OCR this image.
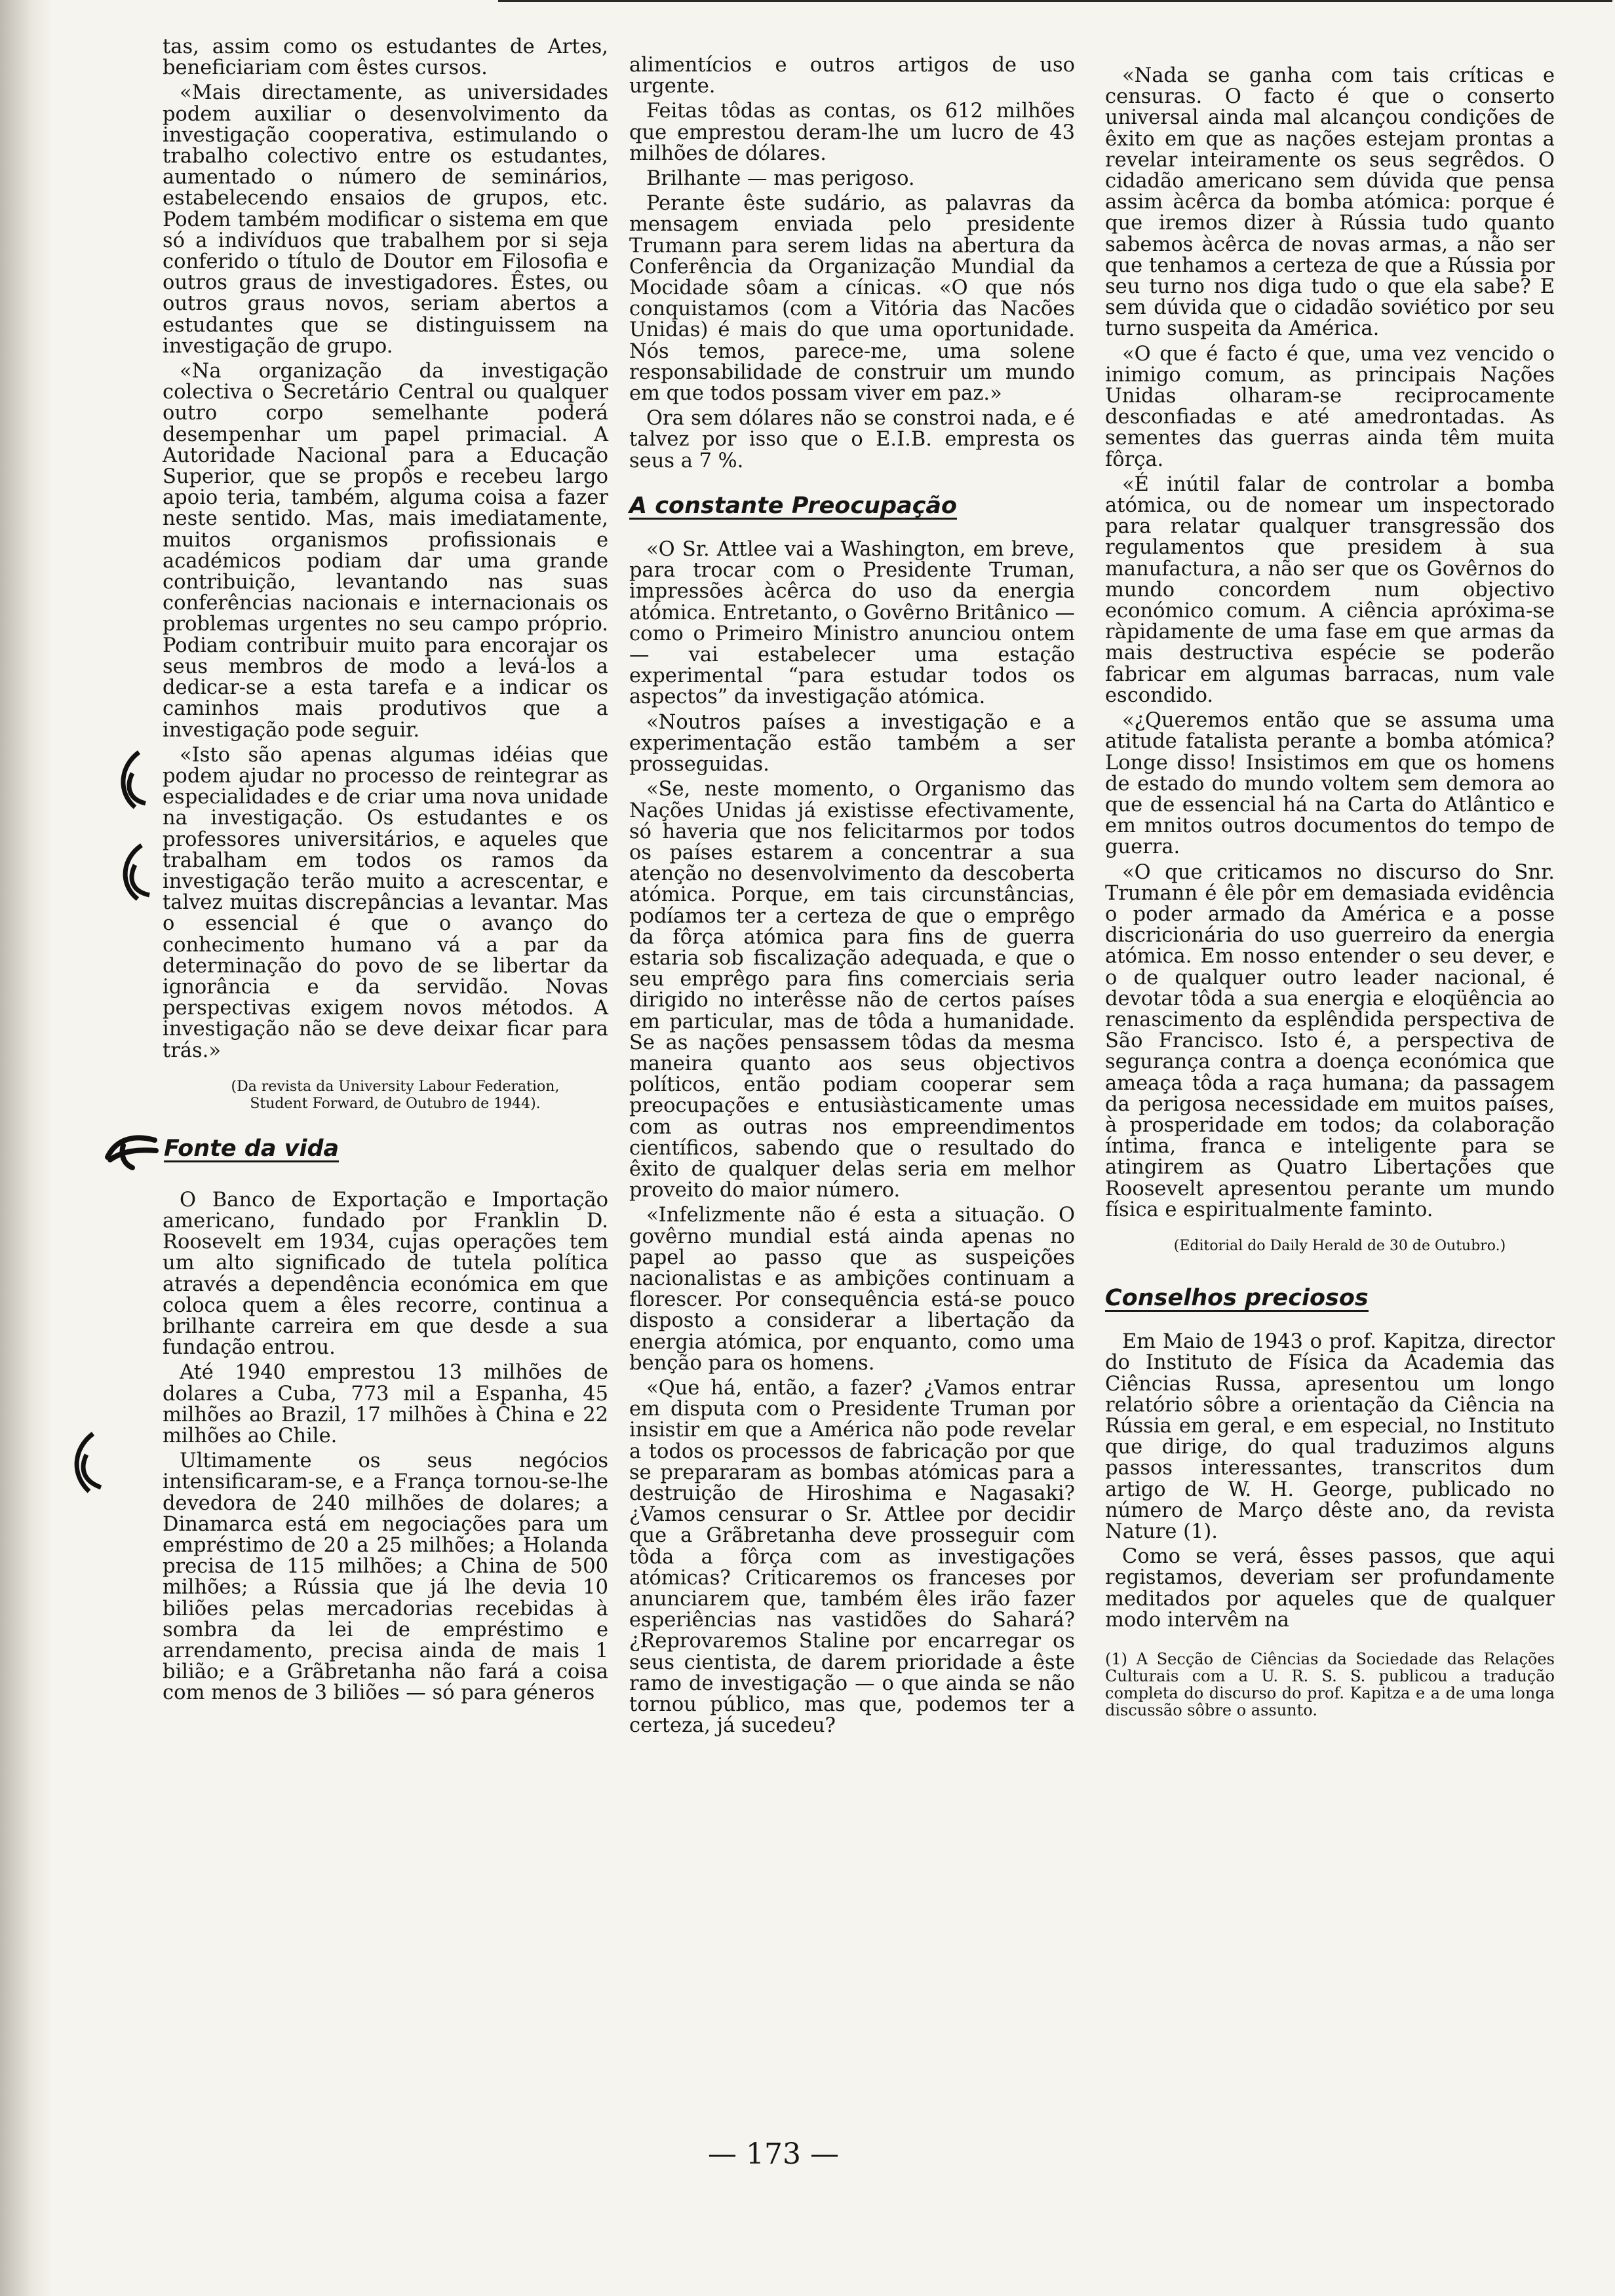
tas, assim como os estudantes de Artes, beneficiariam com êstes cursos.

«Mais directamente, as universidades podem auxiliar o desenvolvimento da investigação cooperativa, estimulando o trabalho colectivo entre os estudantes, aumentado o número de seminários, estabelecendo ensaios de grupos, etc. Podem também modificar o sistema em que só a indivíduos que trabalhem por si seja conferido o título de Doutor em Filosofia e outros graus de investigadores. Êstes, ou outros graus novos, seriam abertos a estudantes que se distinguissem na investigação de grupo.

«Na organização da investigação colectiva o Secretário Central ou qualquer outro corpo semelhante poderá desempenhar um papel primacial. A Autoridade Nacional para a Educação Superior, que se propôs e recebeu largo apoio teria, também, alguma coisa a fazer neste sentido. Mas, mais imediatamente, muitos organismos profissionais e académicos podiam dar uma grande contribuição, levantando nas suas conferências nacionais e internacionais os problemas urgentes no seu campo próprio. Podiam contribuir muito para encorajar os seus membros de modo a levá-los a dedicar-se a esta tarefa e a indicar os caminhos mais produtivos que a investigação pode seguir.

«Isto são apenas algumas idéias que podem ajudar no processo de reintegrar as especialidades e de criar uma nova unidade na investigação. Os estudantes e os professores universitários, e aqueles que trabalham em todos os ramos da investigação terão muito a acrescentar, e talvez muitas discrepâncias a levantar. Mas o essencial é que o avanço do conhecimento humano vá a par da determinação do povo de se libertar da ignorância e da servidão. Novas perspectivas exigem novos métodos. A investigação não se deve deixar ficar para trás.»

(Da revista da University Labour Federation, Student Forward, de Outubro de 1944).
Fonte da vida

O Banco de Exportação e Importação americano, fundado por Franklin D. Roosevelt em 1934, cujas operações tem um alto significado de tutela política através a dependência económica em que coloca quem a êles recorre, continua a brilhante carreira em que desde a sua fundação entrou.

Até 1940 emprestou 13 milhões de dolares a Cuba, 773 mil a Espanha, 45 milhões ao Brazil, 17 milhões à China e 22 milhões ao Chile.

Ultimamente os seus negócios intensificaram-se, e a França tornou-se-lhe devedora de 240 milhões de dolares; a Dinamarca está em negociações para um empréstimo de 20 a 25 milhões; a Holanda precisa de 115 milhões; a China de 500 milhões; a Rússia que já lhe devia 10 biliões pelas mercadorias recebidas à sombra da lei de empréstimo e arrendamento, precisa ainda de mais 1 bilião; e a Grãbretanha não fará a coisa com menos de 3 biliões — só para géneros

alimentícios e outros artigos de uso urgente.

Feitas tôdas as contas, os 612 milhões que emprestou deram-lhe um lucro de 43 milhões de dólares.

Brilhante — mas perigoso.

Perante êste sudário, as palavras da mensagem enviada pelo presidente Trumann para serem lidas na abertura da Conferência da Organização Mundial da Mocidade sôam a cínicas. «O que nós conquistamos (com a Vitória das Nacões Unidas) é mais do que uma oportunidade. Nós temos, parece-me, uma solene responsabilidade de construir um mundo em que todos possam viver em paz.»

Ora sem dólares não se constroi nada, e é talvez por isso que o E.I.B. empresta os seus a 7 %.

A constante Preocupação

«O Sr. Attlee vai a Washington, em breve, para trocar com o Presidente Truman, impressões àcêrca do uso da energia atómica. Entretanto, o Govêrno Britânico — como o Primeiro Ministro anunciou ontem — vai estabelecer uma estação experimental “para estudar todos os aspectos” da investigação atómica.

«Noutros países a investigação e a experimentação estão também a ser prosseguidas.

«Se, neste momento, o Organismo das Nações Unidas já existisse efectivamente, só haveria que nos felicitarmos por todos os países estarem a concentrar a sua atenção no desenvolvimento da descoberta atómica. Porque, em tais circunstâncias, podíamos ter a certeza de que o emprêgo da fôrça atómica para fins de guerra estaria sob fiscalização adequada, e que o seu emprêgo para fins comerciais seria dirigido no interêsse não de certos países em particular, mas de tôda a humanidade. Se as nações pensassem tôdas da mesma maneira quanto aos seus objectivos políticos, então podiam cooperar sem preocupações e entusiàsticamente umas com as outras nos empreendimentos científicos, sabendo que o resultado do êxito de qualquer delas seria em melhor proveito do maior número.

«Infelizmente não é esta a situação. O govêrno mundial está ainda apenas no papel ao passo que as suspeições nacionalistas e as ambições continuam a florescer. Por consequência está-se pouco disposto a considerar a libertação da energia atómica, por enquanto, como uma benção para os homens.

«Que há, então, a fazer? ¿Vamos entrar em disputa com o Presidente Truman por insistir em que a América não pode revelar a todos os processos de fabricação por que se prepararam as bombas atómicas para a destruição de Hiroshima e Nagasaki? ¿Vamos censurar o Sr. Attlee por decidir que a Grãbretanha deve prosseguir com tôda a fôrça com as investigações atómicas? Criticaremos os franceses por anunciarem que, também êles irão fazer esperiências nas vastidões do Sahará? ¿Reprovaremos Staline por encarregar os seus cientista, de darem prioridade a êste ramo de investigação — o que ainda se não tornou público, mas que, podemos ter a certeza, já sucedeu?

«Nada se ganha com tais críticas e censuras. O facto é que o conserto universal ainda mal alcançou condições de êxito em que as nações estejam prontas a revelar inteiramente os seus segrêdos. O cidadão americano sem dúvida que pensa assim àcêrca da bomba atómica: porque é que iremos dizer à Rússia tudo quanto sabemos àcêrca de novas armas, a não ser que tenhamos a certeza de que a Rússia por seu turno nos diga tudo o que ela sabe? E sem dúvida que o cidadão soviético por seu turno suspeita da América.

«O que é facto é que, uma vez vencido o inimigo comum, as principais Nações Unidas olharam-se reciprocamente desconfiadas e até amedrontadas. As sementes das guerras ainda têm muita fôrça.

«É inútil falar de controlar a bomba atómica, ou de nomear um inspectorado para relatar qualquer transgressão dos regulamentos que presidem à sua manufactura, a não ser que os Govêrnos do mundo concordem num objectivo económico comum. A ciência apróxima-se ràpidamente de uma fase em que armas da mais destructiva espécie se poderão fabricar em algumas barracas, num vale escondido.

«¿Queremos então que se assuma uma atitude fatalista perante a bomba atómica? Longe disso! Insistimos em que os homens de estado do mundo voltem sem demora ao que de essencial há na Carta do Atlântico e em mnitos outros documentos do tempo de guerra.

«O que criticamos no discurso do Snr. Trumann é êle pôr em demasiada evidência o poder armado da América e a posse discricionária do uso guerreiro da energia atómica. Em nosso entender o seu dever, e o de qualquer outro leader nacional, é devotar tôda a sua energia e eloqüência ao renascimento da esplêndida perspectiva de São Francisco. Isto é, a perspectiva de segurança contra a doença económica que ameaça tôda a raça humana; da passagem da perigosa necessidade em muitos países, à prosperidade em todos; da colaboração íntima, franca e inteligente para se atingirem as Quatro Libertações que Roosevelt apresentou perante um mundo física e espiritualmente faminto.

(Editorial do Daily Herald de 30 de Outubro.)
Conselhos preciosos

Em Maio de 1943 o prof. Kapitza, director do Instituto de Física da Academia das Ciências Russa, apresentou um longo relatório sôbre a orientação da Ciência na Rússia em geral, e em especial, no Instituto que dirige, do qual traduzimos alguns passos interessantes, transcritos dum artigo de W. H. George, publicado no número de Março dêste ano, da revista Nature (1).

Como se verá, êsses passos, que aqui registamos, deveriam ser profundamente meditados por aqueles que de qualquer modo intervêm na

(1) A Secção de Ciências da Sociedade das Relações Culturais com a U. R. S. S. publicou a tradução completa do discurso do prof. Kapitza e a de uma longa discussão sôbre o assunto.
— 173 —
